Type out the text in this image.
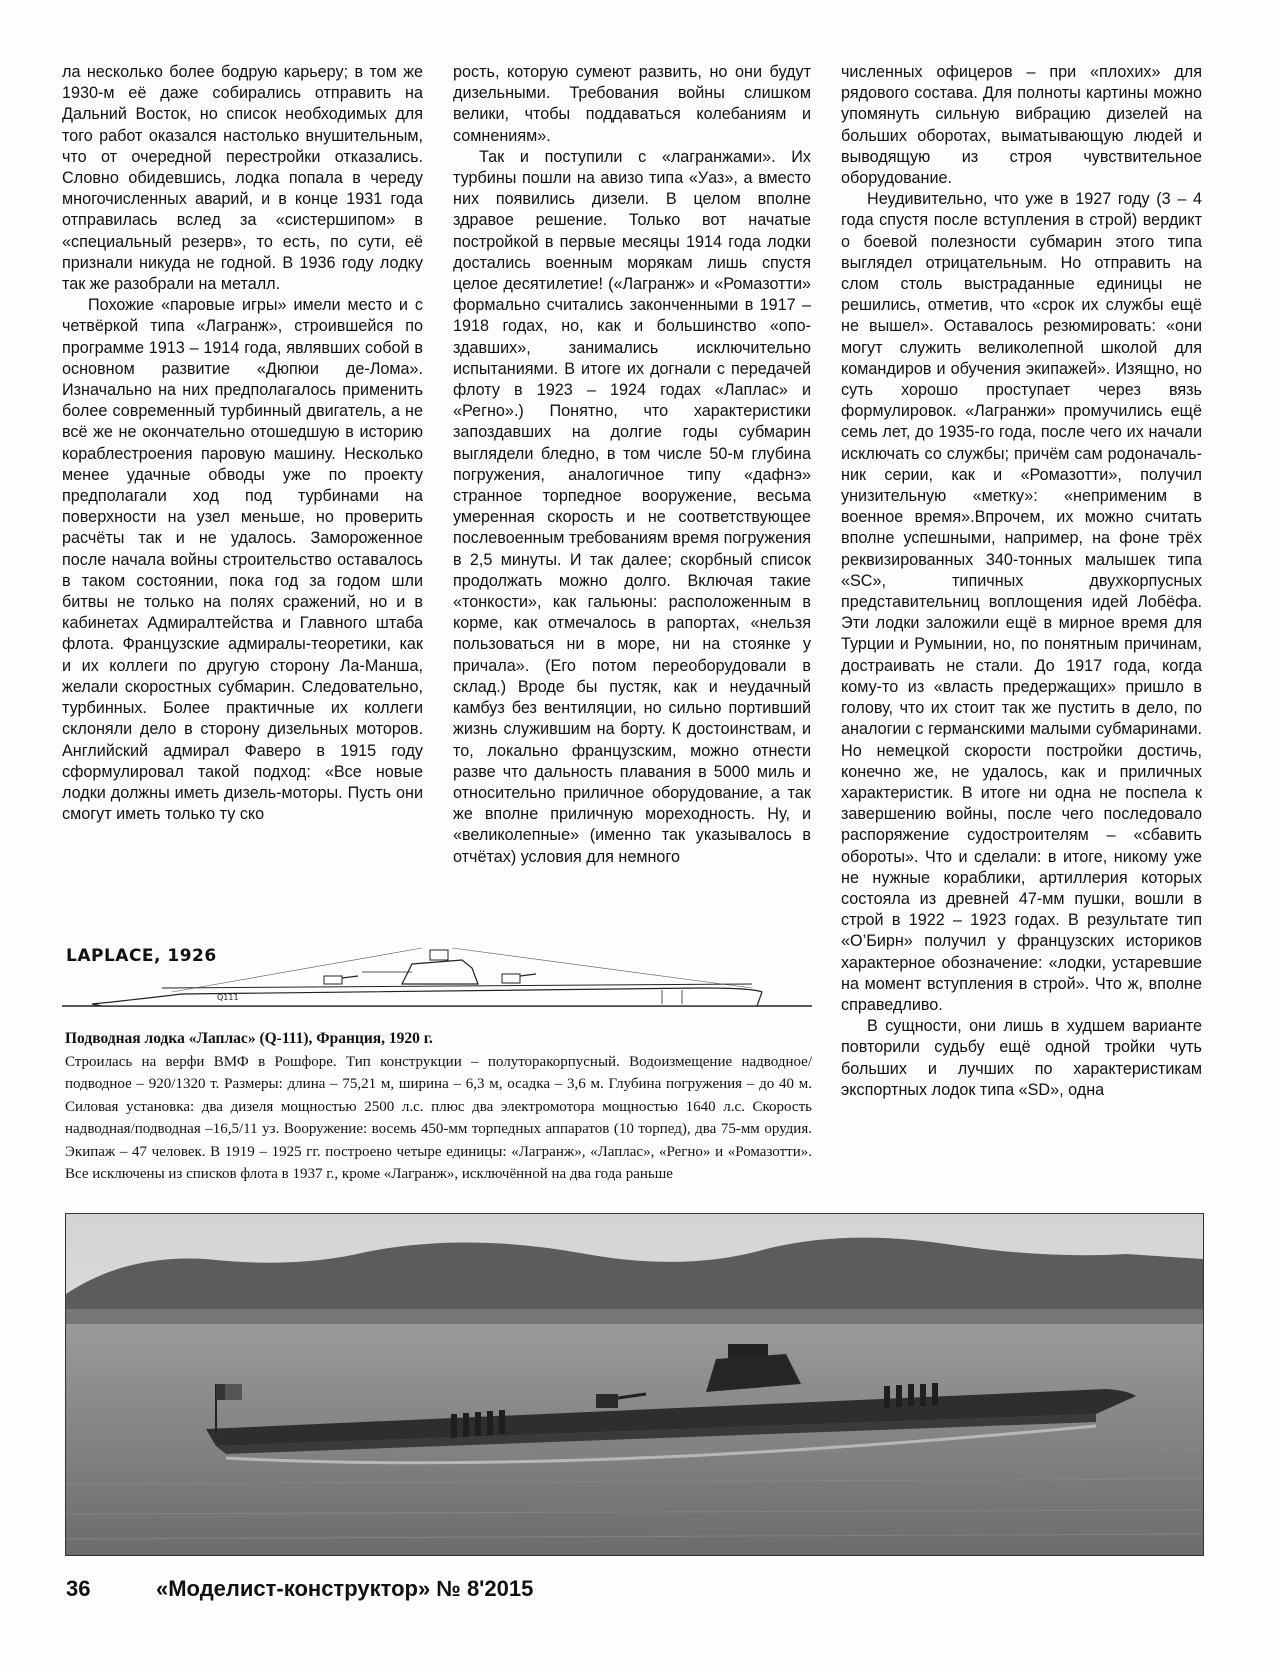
ла несколько более бодрую карьеру; в том же 1930-м её даже собирались отправить на Дальний Восток, но список необходимых для того работ оказался настолько внушительным, что от очередной перестройки отказались. Словно обидевшись, лодка попала в череду многочисленных аварий, и в конце 1931 года отправилась вслед за «систершипом» в «специальный резерв», то есть, по сути, её признали никуда не годной. В 1936 году лодку так же разобрали на металл.

Похожие «паровые игры» имели место и с четвёркой типа «Лагранж», строившейся по программе 1913 – 1914 года, являвших собой в основном развитие «Дюпюи де-Лома». Изначально на них предполагалось применить более современный турбинный двигатель, а не всё же не окончательно отошедшую в историю кораблестроения паровую машину. Несколько менее удачные обводы уже по проекту предполагали ход под турбинами на поверхности на узел меньше, но проверить расчёты так и не удалось. Замороженное после начала войны строительство оставалось в таком состоянии, пока год за годом шли битвы не только на полях сражений, но и в кабинетах Адмиралтейства и Главного штаба флота. Французские адмиралы-теоретики, как и их коллеги по другую сторону Ла-Манша, желали скоростных субмарин. Следовательно, турбинных. Более практичные их коллеги склоняли дело в сторону дизельных моторов. Английский адмирал Фаверо в 1915 году сформулировал такой подход: «Все новые лодки должны иметь дизель-моторы. Пусть они смогут иметь только ту ско

рость, которую сумеют развить, но они будут дизельными. Требования войны слишком велики, чтобы поддаваться колебаниям и сомнениям».

Так и поступили с «лагранжами». Их турбины пошли на авизо типа «Уаз», а вместо них появились дизели. В целом вполне здравое решение. Только вот начатые постройкой в первые месяцы 1914 года лодки достались военным морякам лишь спустя целое десятилетие! («Лагранж» и «Ромазотти» формально считались законченными в 1917 – 1918 годах, но, как и большинство «опоздавших», занимались исключительно испытаниями. В итоге их догнали с передачей флоту в 1923 – 1924 годах «Лаплас» и «Регно».) Понятно, что характеристики запоздавших на долгие годы субмарин выглядели бледно, в том числе 50-м глубина погружения, аналогичное типу «дафнэ» странное торпедное вооружение, весьма умеренная скорость и не соответствующее послевоенным требованиям время погружения в 2,5 минуты. И так далее; скорбный список продолжать можно долго. Включая такие «тонкости», как гальюны: расположенным в корме, как отмечалось в рапортах, «нельзя пользоваться ни в море, ни на стоянке у причала». (Его потом переоборудовали в склад.) Вроде бы пустяк, как и неудачный камбуз без вентиляции, но сильно портивший жизнь служившим на борту. К достоинствам, и то, локально французским, можно отнести разве что дальность плавания в 5000 миль и относительно приличное оборудование, а так же вполне приличную мореходность. Ну, и «великолепные» (именно так указывалось в отчётах) условия для немного

численных офицеров – при «плохих» для рядового состава. Для полноты картины можно упомянуть сильную вибрацию дизелей на больших оборотах, выматывающую людей и выводящую из строя чувствительное оборудование.

Неудивительно, что уже в 1927 году (3 – 4 года спустя после вступления в строй) вердикт о боевой полезности субмарин этого типа выглядел отрицательным. Но отправить на слом столь выстраданные единицы не решились, отметив, что «срок их службы ещё не вышел». Оставалось резюмировать: «они могут служить великолепной школой для командиров и обучения экипажей». Изящно, но суть хорошо проступает через вязь формулировок. «Лагранжи» промучились ещё семь лет, до 1935-го года, после чего их начали исключать со службы; причём сам родоначальник серии, как и «Ромазотти», получил унизительную «метку»: «неприменим в военное время».Впрочем, их можно считать вполне успешными, например, на фоне трёх реквизированных 340-тонных малышек типа «SC», типичных двухкорпусных представительниц воплощения идей Лобёфа. Эти лодки заложили ещё в мирное время для Турции и Румынии, но, по понятным причинам, достраивать не стали. До 1917 года, когда кому-то из «власть предержащих» пришло в голову, что их стоит так же пустить в дело, по аналогии с германскими малыми субмаринами. Но немецкой скорости постройки достичь, конечно же, не удалось, как и приличных характеристик. В итоге ни одна не поспела к завершению войны, после чего последовало распоряжение судостроителям – «сбавить обороты». Что и сделали: в итоге, никому уже не нужные кораблики, артиллерия которых состояла из древней 47-мм пушки, вошли в строй в 1922 – 1923 годах. В результате тип «О’Бирн» получил у французских историков характерное обозначение: «лодки, устаревшие на момент вступления в строй». Что ж, вполне справедливо.

В сущности, они лишь в худшем варианте повторили судьбу ещё одной тройки чуть больших и лучших по характеристикам экспортных лодок типа «SD», одна

LAPLACE, 1926
Q111
Подводная лодка «Лаплас» (Q-111), Франция, 1920 г.
Строилась на верфи ВМФ в Рошфоре. Тип конструкции – полуторакорпусный. Водоизмещение надводное/подводное – 920/1320 т. Размеры: длина – 75,21 м, ширина – 6,3 м, осадка – 3,6 м. Глубина погружения – до 40 м. Силовая установка: два дизеля мощностью 2500 л.с. плюс два электромотора мощностью 1640 л.с. Скорость надводная/подводная –16,5/11 уз. Вооружение: восемь 450-мм торпедных аппаратов (10 торпед), два 75-мм орудия. Экипаж – 47 человек. В 1919 – 1925 гг. построено четыре единицы: «Лагранж», «Лаплас», «Регно» и «Ромазотти». Все исключены из списков флота в 1937 г., кроме «Лагранж», исключённой на два года раньше
36	«Моделист-конструктор» № 8'2015
